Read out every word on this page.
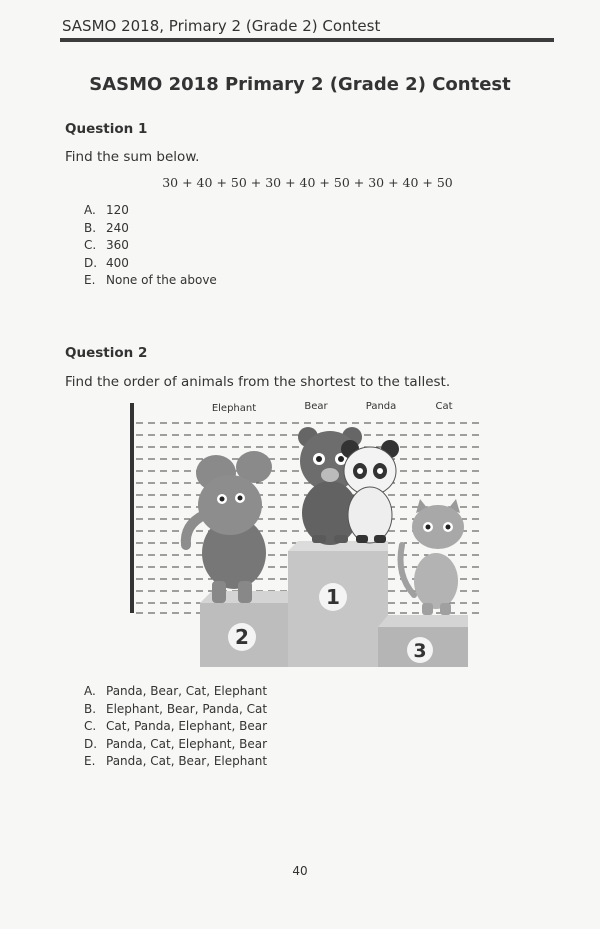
SASMO 2018, Primary 2 (Grade 2) Contest
SASMO 2018 Primary 2 (Grade 2) Contest
Question 1
Find the sum below.
30 + 40 + 50 + 30 + 40 + 50 + 30 + 40 + 50
A. 120
B. 240
C. 360
D. 400
E. None of the above
Question 2
Find the order of animals from the shortest to the tallest.
Elephant	Bear	Panda	Cat
1
2
3
A. Panda, Bear, Cat, Elephant
B. Elephant, Bear, Panda, Cat
C. Cat, Panda, Elephant, Bear
D. Panda, Cat, Elephant, Bear
E. Panda, Cat, Bear, Elephant
40
